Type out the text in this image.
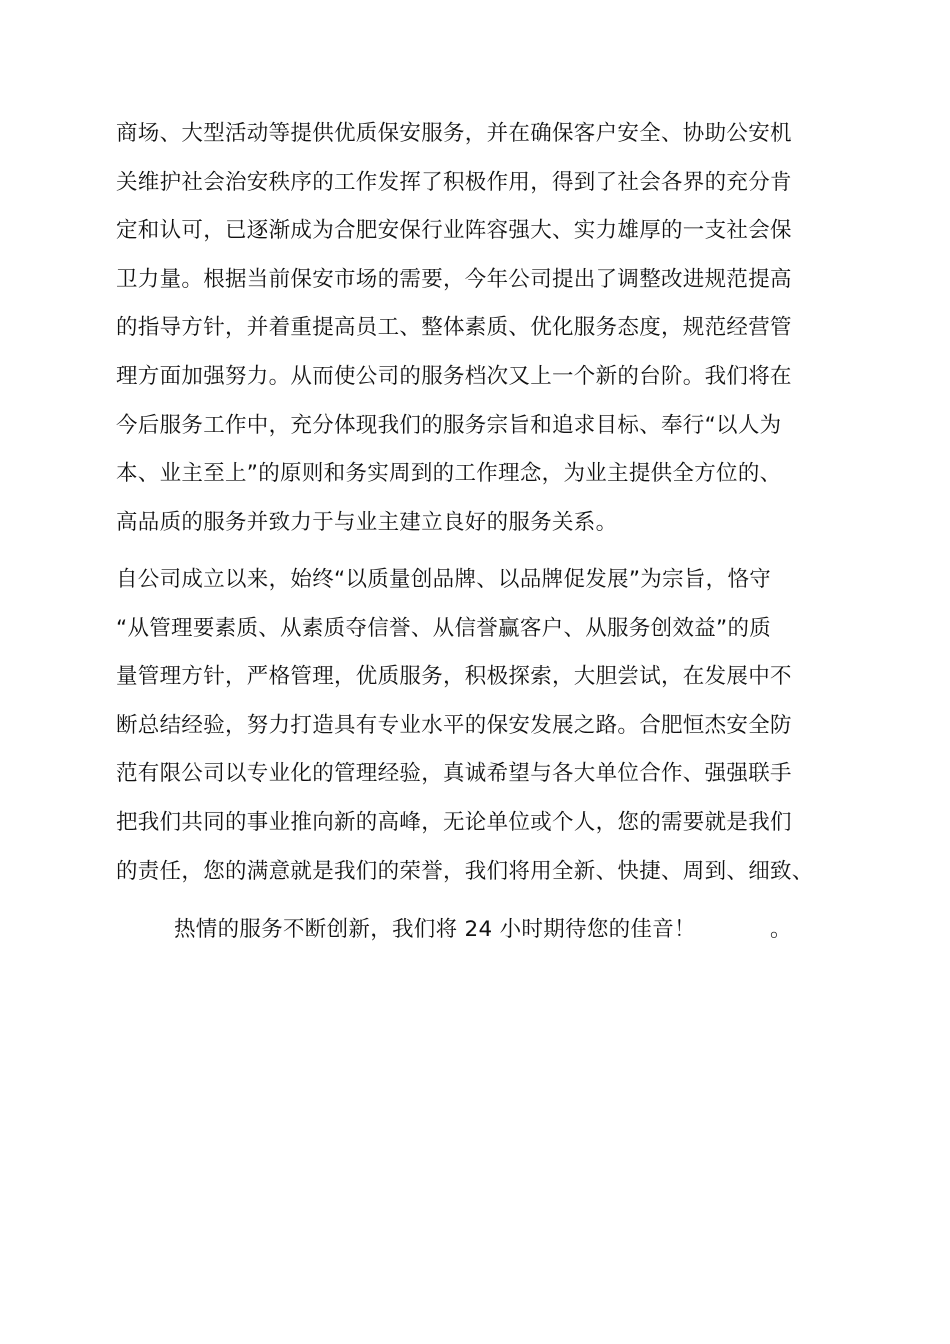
商场、大型活动等提供优质保安服务，并在确保客户安全、协助公安机
关维护社会治安秩序的工作发挥了积极作用，得到了社会各界的充分肯
定和认可，已逐渐成为合肥安保行业阵容强大、实力雄厚的一支社会保
卫力量。根据当前保安市场的需要，今年公司提出了调整改进规范提高
的指导方针，并着重提高员工、整体素质、优化服务态度，规范经营管
理方面加强努力。从而使公司的服务档次又上一个新的台阶。我们将在
今后服务工作中，充分体现我们的服务宗旨和追求目标、奉行“以人为
本、业主至上”的原则和务实周到的工作理念，为业主提供全方位的、
高品质的服务并致力于与业主建立良好的服务关系。
自公司成立以来，始终“以质量创品牌、以品牌促发展”为宗旨，恪守
“从管理要素质、从素质夺信誉、从信誉赢客户、从服务创效益”的质
量管理方针，严格管理，优质服务，积极探索，大胆尝试，在发展中不
断总结经验，努力打造具有专业水平的保安发展之路。合肥恒杰安全防
范有限公司以专业化的管理经验，真诚希望与各大单位合作、强强联手
把我们共同的事业推向新的高峰，无论单位或个人，您的需要就是我们
的责任，您的满意就是我们的荣誉，我们将用全新、快捷、周到、细致、
热情的服务不断创新，我们将 24 小时期待您的佳音！	。
